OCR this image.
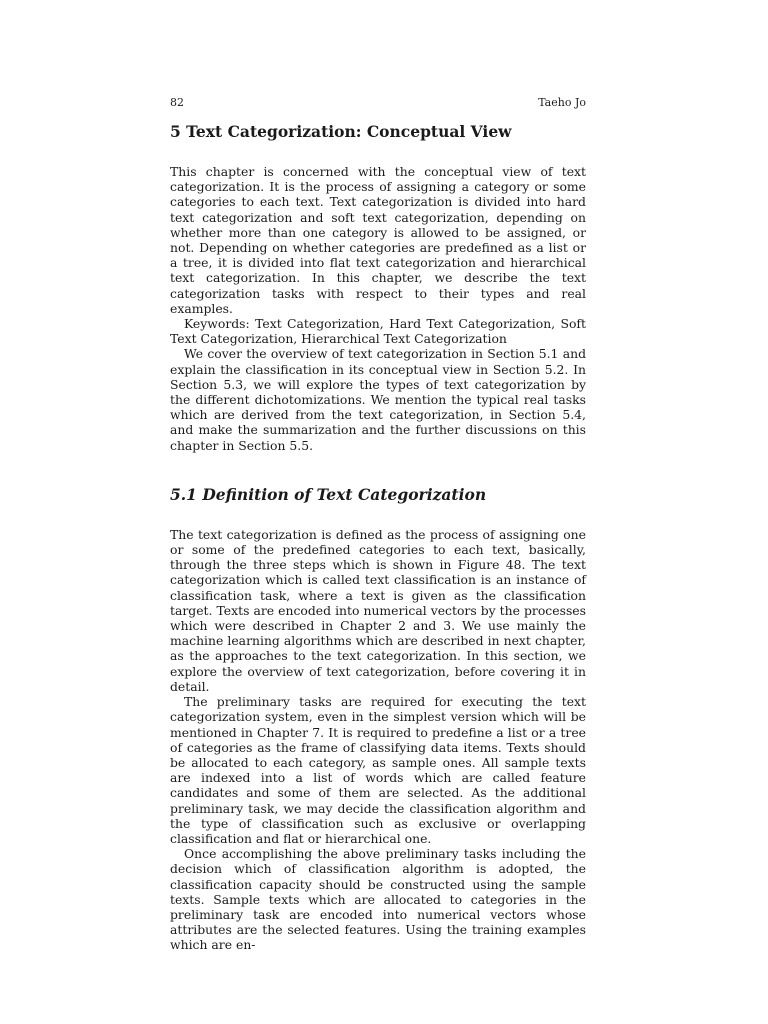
82	Taeho Jo
5 Text Categorization: Conceptual View

This chapter is concerned with the conceptual view of text categorization. It is the process of assigning a category or some categories to each text. Text categorization is divided into hard text categorization and soft text categorization, depending on whether more than one category is allowed to be assigned, or not. Depending on whether categories are predefined as a list or a tree, it is divided into flat text categorization and hierarchical text categorization. In this chapter, we describe the text categorization tasks with respect to their types and real examples.

Keywords: Text Categorization, Hard Text Categorization, Soft Text Categorization, Hierarchical Text Categorization

We cover the overview of text categorization in Section 5.1 and explain the classification in its conceptual view in Section 5.2. In Section 5.3, we will explore the types of text categorization by the different dichotomizations. We mention the typical real tasks which are derived from the text categorization, in Section 5.4, and make the summarization and the further discussions on this chapter in Section 5.5.

5.1 Definition of Text Categorization

The text categorization is defined as the process of assigning one or some of the predefined categories to each text, basically, through the three steps which is shown in Figure 48. The text categorization which is called text classification is an instance of classification task, where a text is given as the classification target. Texts are encoded into numerical vectors by the processes which were described in Chapter 2 and 3. We use mainly the machine learning algorithms which are described in next chapter, as the approaches to the text categorization. In this section, we explore the overview of text categorization, before covering it in detail.

The preliminary tasks are required for executing the text categorization system, even in the simplest version which will be mentioned in Chapter 7. It is required to predefine a list or a tree of categories as the frame of classifying data items. Texts should be allocated to each category, as sample ones. All sample texts are indexed into a list of words which are called feature candidates and some of them are selected. As the additional preliminary task, we may decide the classification algorithm and the type of classification such as exclusive or overlapping classification and flat or hierarchical one.

Once accomplishing the above preliminary tasks including the decision which of classification algorithm is adopted, the classification capacity should be constructed using the sample texts. Sample texts which are allocated to categories in the preliminary task are encoded into numerical vectors whose attributes are the selected features. Using the training examples which are en-
